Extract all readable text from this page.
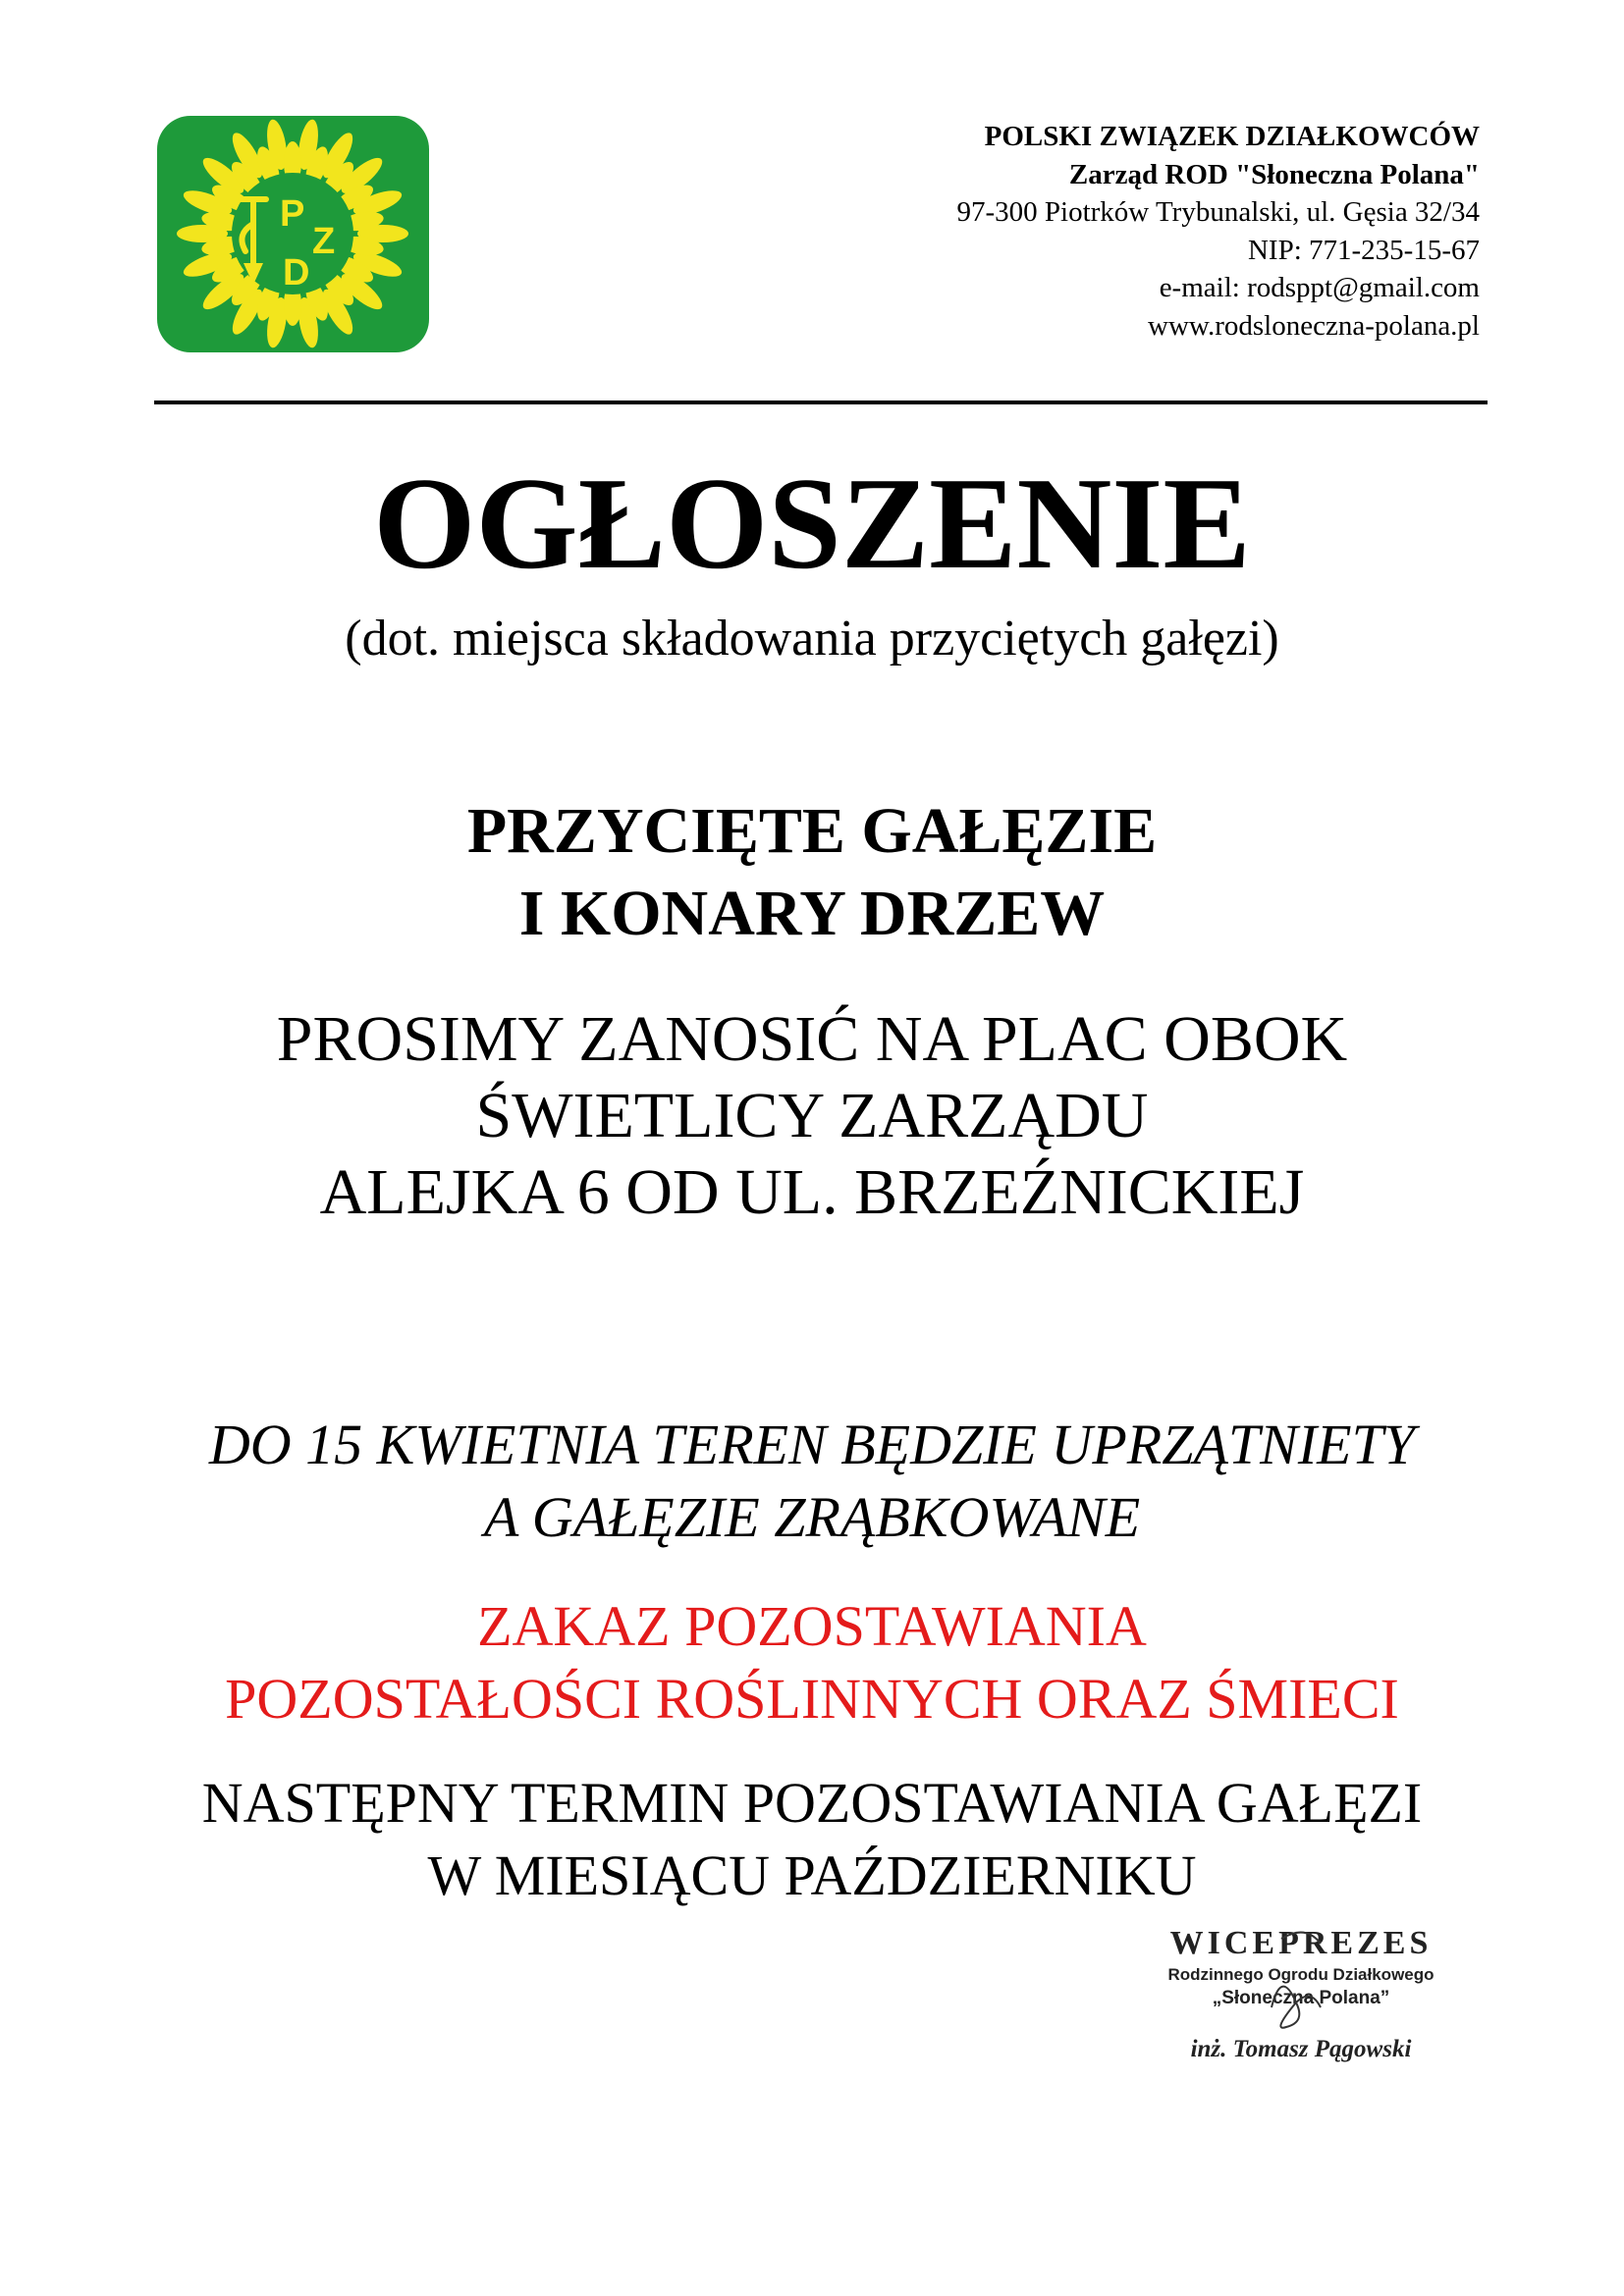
P
Z
D
POLSKI ZWIĄZEK DZIAŁKOWCÓW
Zarząd ROD "Słoneczna Polana"
97-300 Piotrków Trybunalski, ul. Gęsia 32/34
NIP: 771-235-15-67
e-mail: rodsppt@gmail.com
www.rodsloneczna-polana.pl
OGŁOSZENIE
(dot. miejsca składowania przyciętych gałęzi)
PRZYCIĘTE GAŁĘZIE
I KONARY DRZEW
PROSIMY ZANOSIĆ NA PLAC OBOK
ŚWIETLICY ZARZĄDU
ALEJKA 6 OD UL. BRZEŹNICKIEJ
DO 15 KWIETNIA TEREN BĘDZIE UPRZĄTNIETY
A GAŁĘZIE ZRĄBKOWANE
ZAKAZ POZOSTAWIANIA
POZOSTAŁOŚCI ROŚLINNYCH ORAZ ŚMIECI
NASTĘPNY TERMIN POZOSTAWIANIA GAŁĘZI
W MIESIĄCU PAŹDZIERNIKU
WICEPREZES
Rodzinnego Ogrodu Działkowego
„Słoneczna Polana”
inż. Tomasz Pągowski
